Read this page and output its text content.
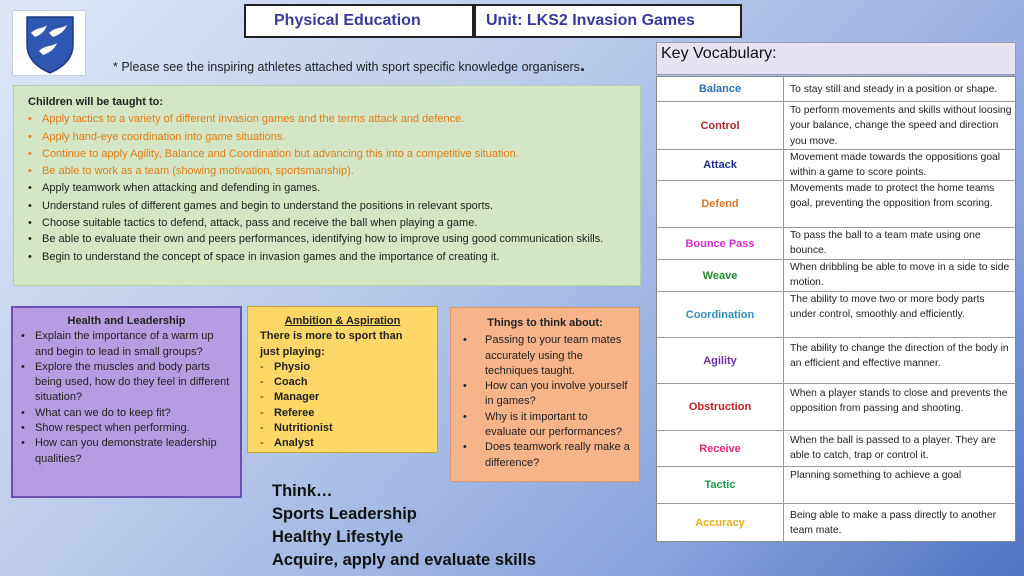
Physical Education	Unit: LKS2 Invasion Games
* Please see the inspiring athletes attached with sport specific knowledge organisers.
Children will be taught to:
• Apply tactics to a variety of different invasion games and the terms attack and defence.
• Apply hand-eye coordination into game situations.
• Continue to apply Agility, Balance and Coordination but advancing this into a competitive situation.
• Be able to work as a team (showing motivation, sportsmanship).
• Apply teamwork when attacking and defending in games.
• Understand rules of different games and begin to understand the positions in relevant sports.
• Choose suitable tactics to defend, attack, pass and receive the ball when playing a game.
• Be able to evaluate their own and peers performances, identifying how to improve using good communication skills.
• Begin to understand the concept of space in invasion games and the importance of creating it.
Health and Leadership
• Explain the importance of a warm up and begin to lead in small groups?
• Explore the muscles and body parts being used, how do they feel in different situation?
• What can we do to keep fit?
• Show respect when performing.
• How can you demonstrate leadership qualities?
Ambition & Aspiration
There is more to sport than just playing:
- Physio
- Coach
- Manager
- Referee
- Nutritionist
- Analyst
Things to think about:
• Passing to your team mates accurately using the techniques taught.
• How can you involve yourself in games?
• Why is it important to evaluate our performances?
• Does teamwork really make a difference?
Think…
Sports Leadership
Healthy Lifestyle
Acquire, apply and evaluate skills
Key Vocabulary:
Balance	To stay still and steady in a position or shape.
Control
To perform movements and skills without loosing your balance, change the speed and direction you move.
Attack
Movement made towards the oppositions goal within a game to score points.
Defend
Movements made to protect the home teams goal, preventing the opposition from scoring.
Bounce Pass
To pass the ball to a team mate using one bounce.
Weave
When dribbling be able to move in a side to side motion.
Coordination
The ability to move two or more body parts under control, smoothly and efficiently.
Agility
The ability to change the direction of the body in an efficient and effective manner.
Obstruction
When a player stands to close and prevents the opposition from passing and shooting.
Receive
When the ball is passed to a player. They are able to catch, trap or control it.
Tactic
Planning something to achieve a goal
Accuracy
Being able to make a pass directly to another team mate.
